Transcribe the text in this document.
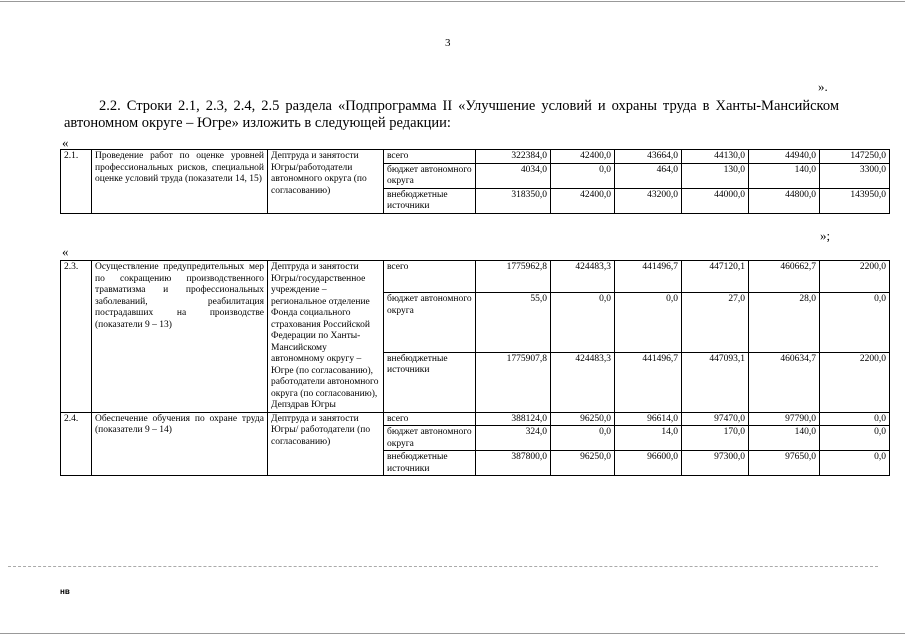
3
».
2.2. Строки 2.1, 2.3, 2.4, 2.5 раздела «Подпрограмма II «Улучшение условий и охраны труда в Ханты-Мансийском автономном округе – Югре» изложить в следующей редакции:
«
2.1.	Проведение работ по оценке уровней профессиональных рисков, специальной оценке условий труда (показатели 14, 15)	Дептруда и занятости Югры/работодатели автономного округа (по согласованию)	всего	322384,0	42400,0	43664,0	44130,0	44940,0	147250,0
			бюджет автономного округа	4034,0	0,0	464,0	130,0	140,0	3300,0
			внебюджетные источники	318350,0	42400,0	43200,0	44000,0	44800,0	143950,0
»;
«
2.3.	Осуществление предупредительных мер по сокращению производственного травматизма и профессиональных заболеваний, реабилитация пострадавших на производстве (показатели 9 – 13)	Дептруда и занятости Югры/государственное учреждение – региональное отделение Фонда социального страхования Российской Федерации по Ханты-Мансийскому автономному округу – Югре (по согласованию), работодатели автономного округа (по согласованию), Депздрав Югры	всего	1775962,8	424483,3	441496,7	447120,1	460662,7	2200,0
			бюджет автономного округа	55,0	0,0	0,0	27,0	28,0	0,0
			внебюджетные источники	1775907,8	424483,3	441496,7	447093,1	460634,7	2200,0
2.4.	Обеспечение обучения по охране труда (показатели 9 – 14)	Дептруда и занятости Югры/ работодатели (по согласованию)	всего	388124,0	96250,0	96614,0	97470,0	97790,0	0,0
			бюджет автономного округа	324,0	0,0	14,0	170,0	140,0	0,0
			внебюджетные источники	387800,0	96250,0	96600,0	97300,0	97650,0	0,0
нв
